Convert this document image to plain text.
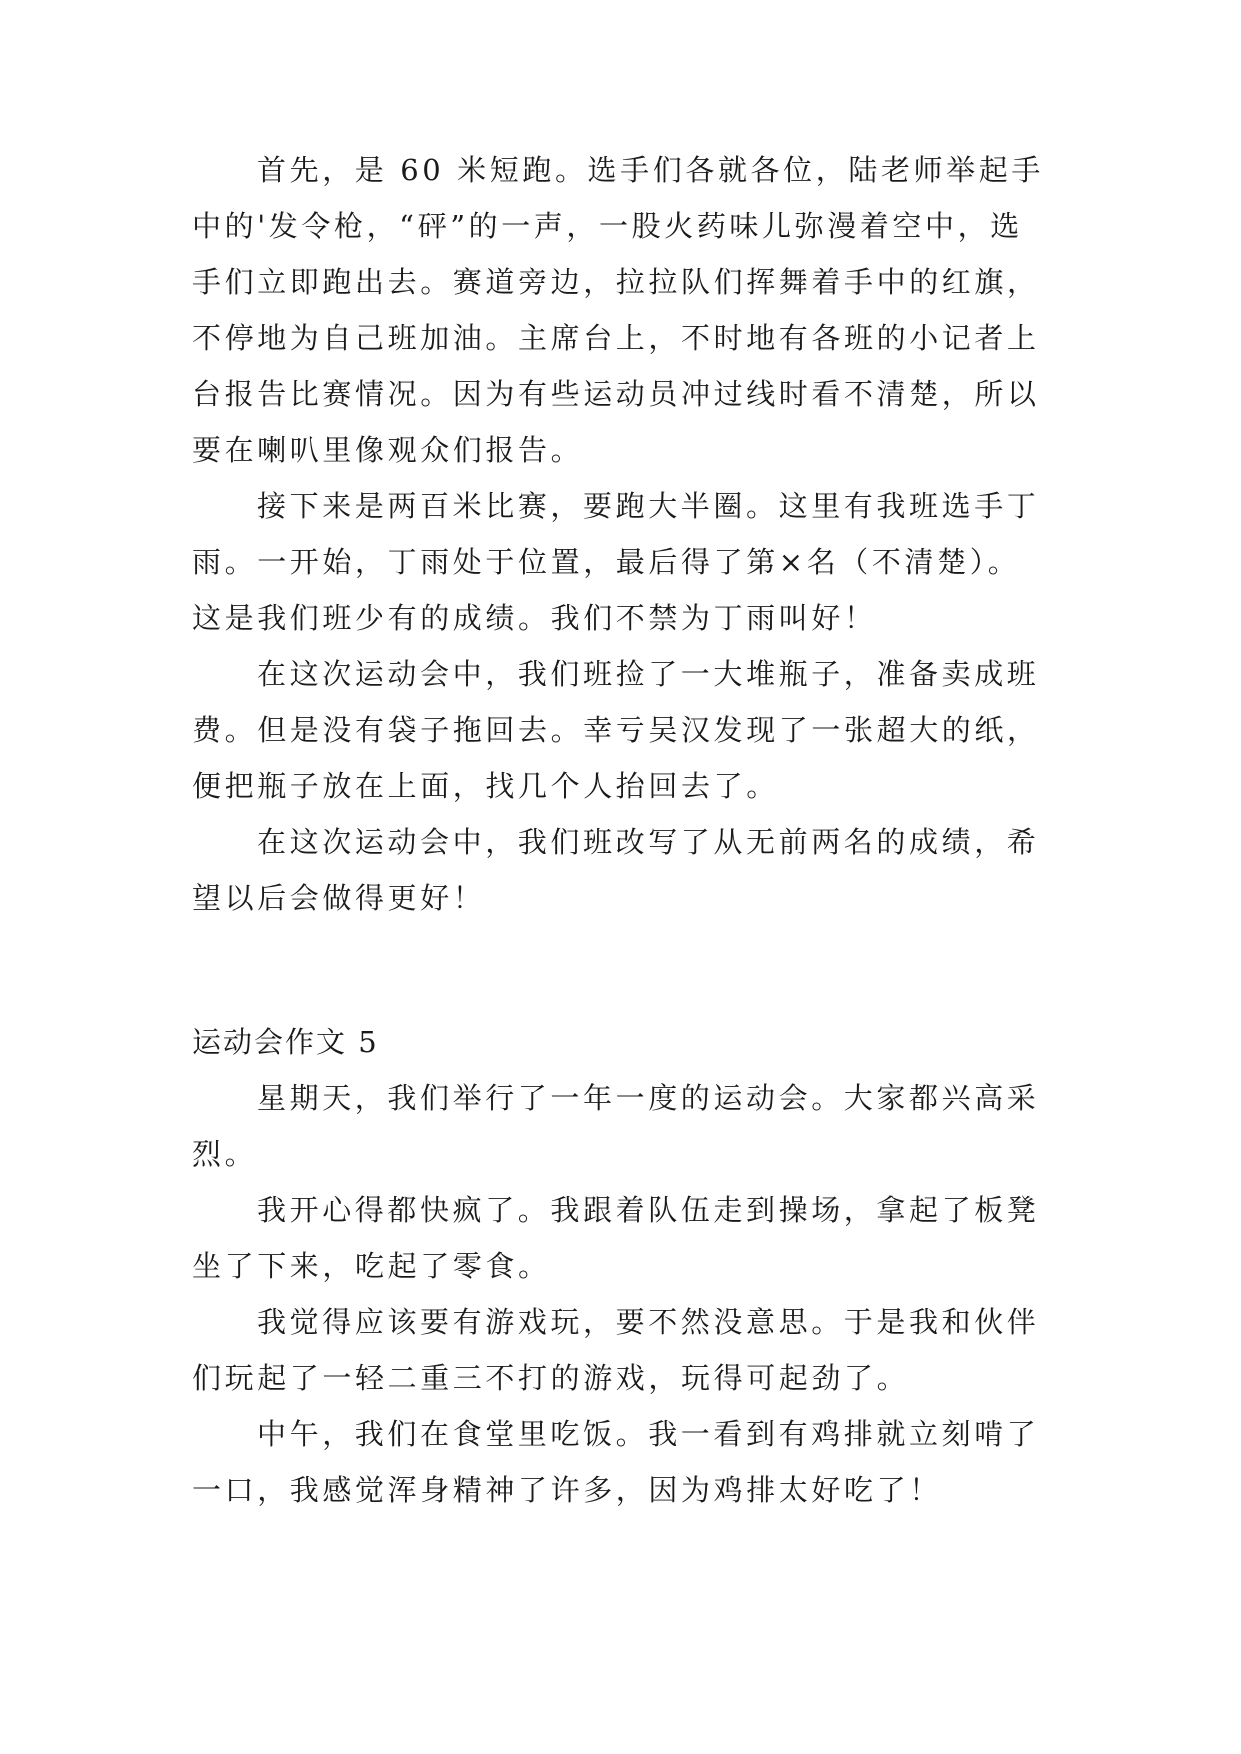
首先，是 60 米短跑。选手们各就各位，陆老师举起手

中的'发令枪，“砰”的一声，一股火药味儿弥漫着空中，选

手们立即跑出去。赛道旁边，拉拉队们挥舞着手中的红旗，

不停地为自己班加油。主席台上，不时地有各班的小记者上

台报告比赛情况。因为有些运动员冲过线时看不清楚，所以

要在喇叭里像观众们报告。

接下来是两百米比赛，要跑大半圈。这里有我班选手丁

雨。一开始，丁雨处于位置，最后得了第×名（不清楚）。

这是我们班少有的成绩。我们不禁为丁雨叫好！

在这次运动会中，我们班捡了一大堆瓶子，准备卖成班

费。但是没有袋子拖回去。幸亏吴汉发现了一张超大的纸，

便把瓶子放在上面，找几个人抬回去了。

在这次运动会中，我们班改写了从无前两名的成绩，希

望以后会做得更好！

运动会作文 5

星期天，我们举行了一年一度的运动会。大家都兴高采

烈。

我开心得都快疯了。我跟着队伍走到操场，拿起了板凳

坐了下来，吃起了零食。

我觉得应该要有游戏玩，要不然没意思。于是我和伙伴

们玩起了一轻二重三不打的游戏，玩得可起劲了。

中午，我们在食堂里吃饭。我一看到有鸡排就立刻啃了

一口，我感觉浑身精神了许多，因为鸡排太好吃了！
